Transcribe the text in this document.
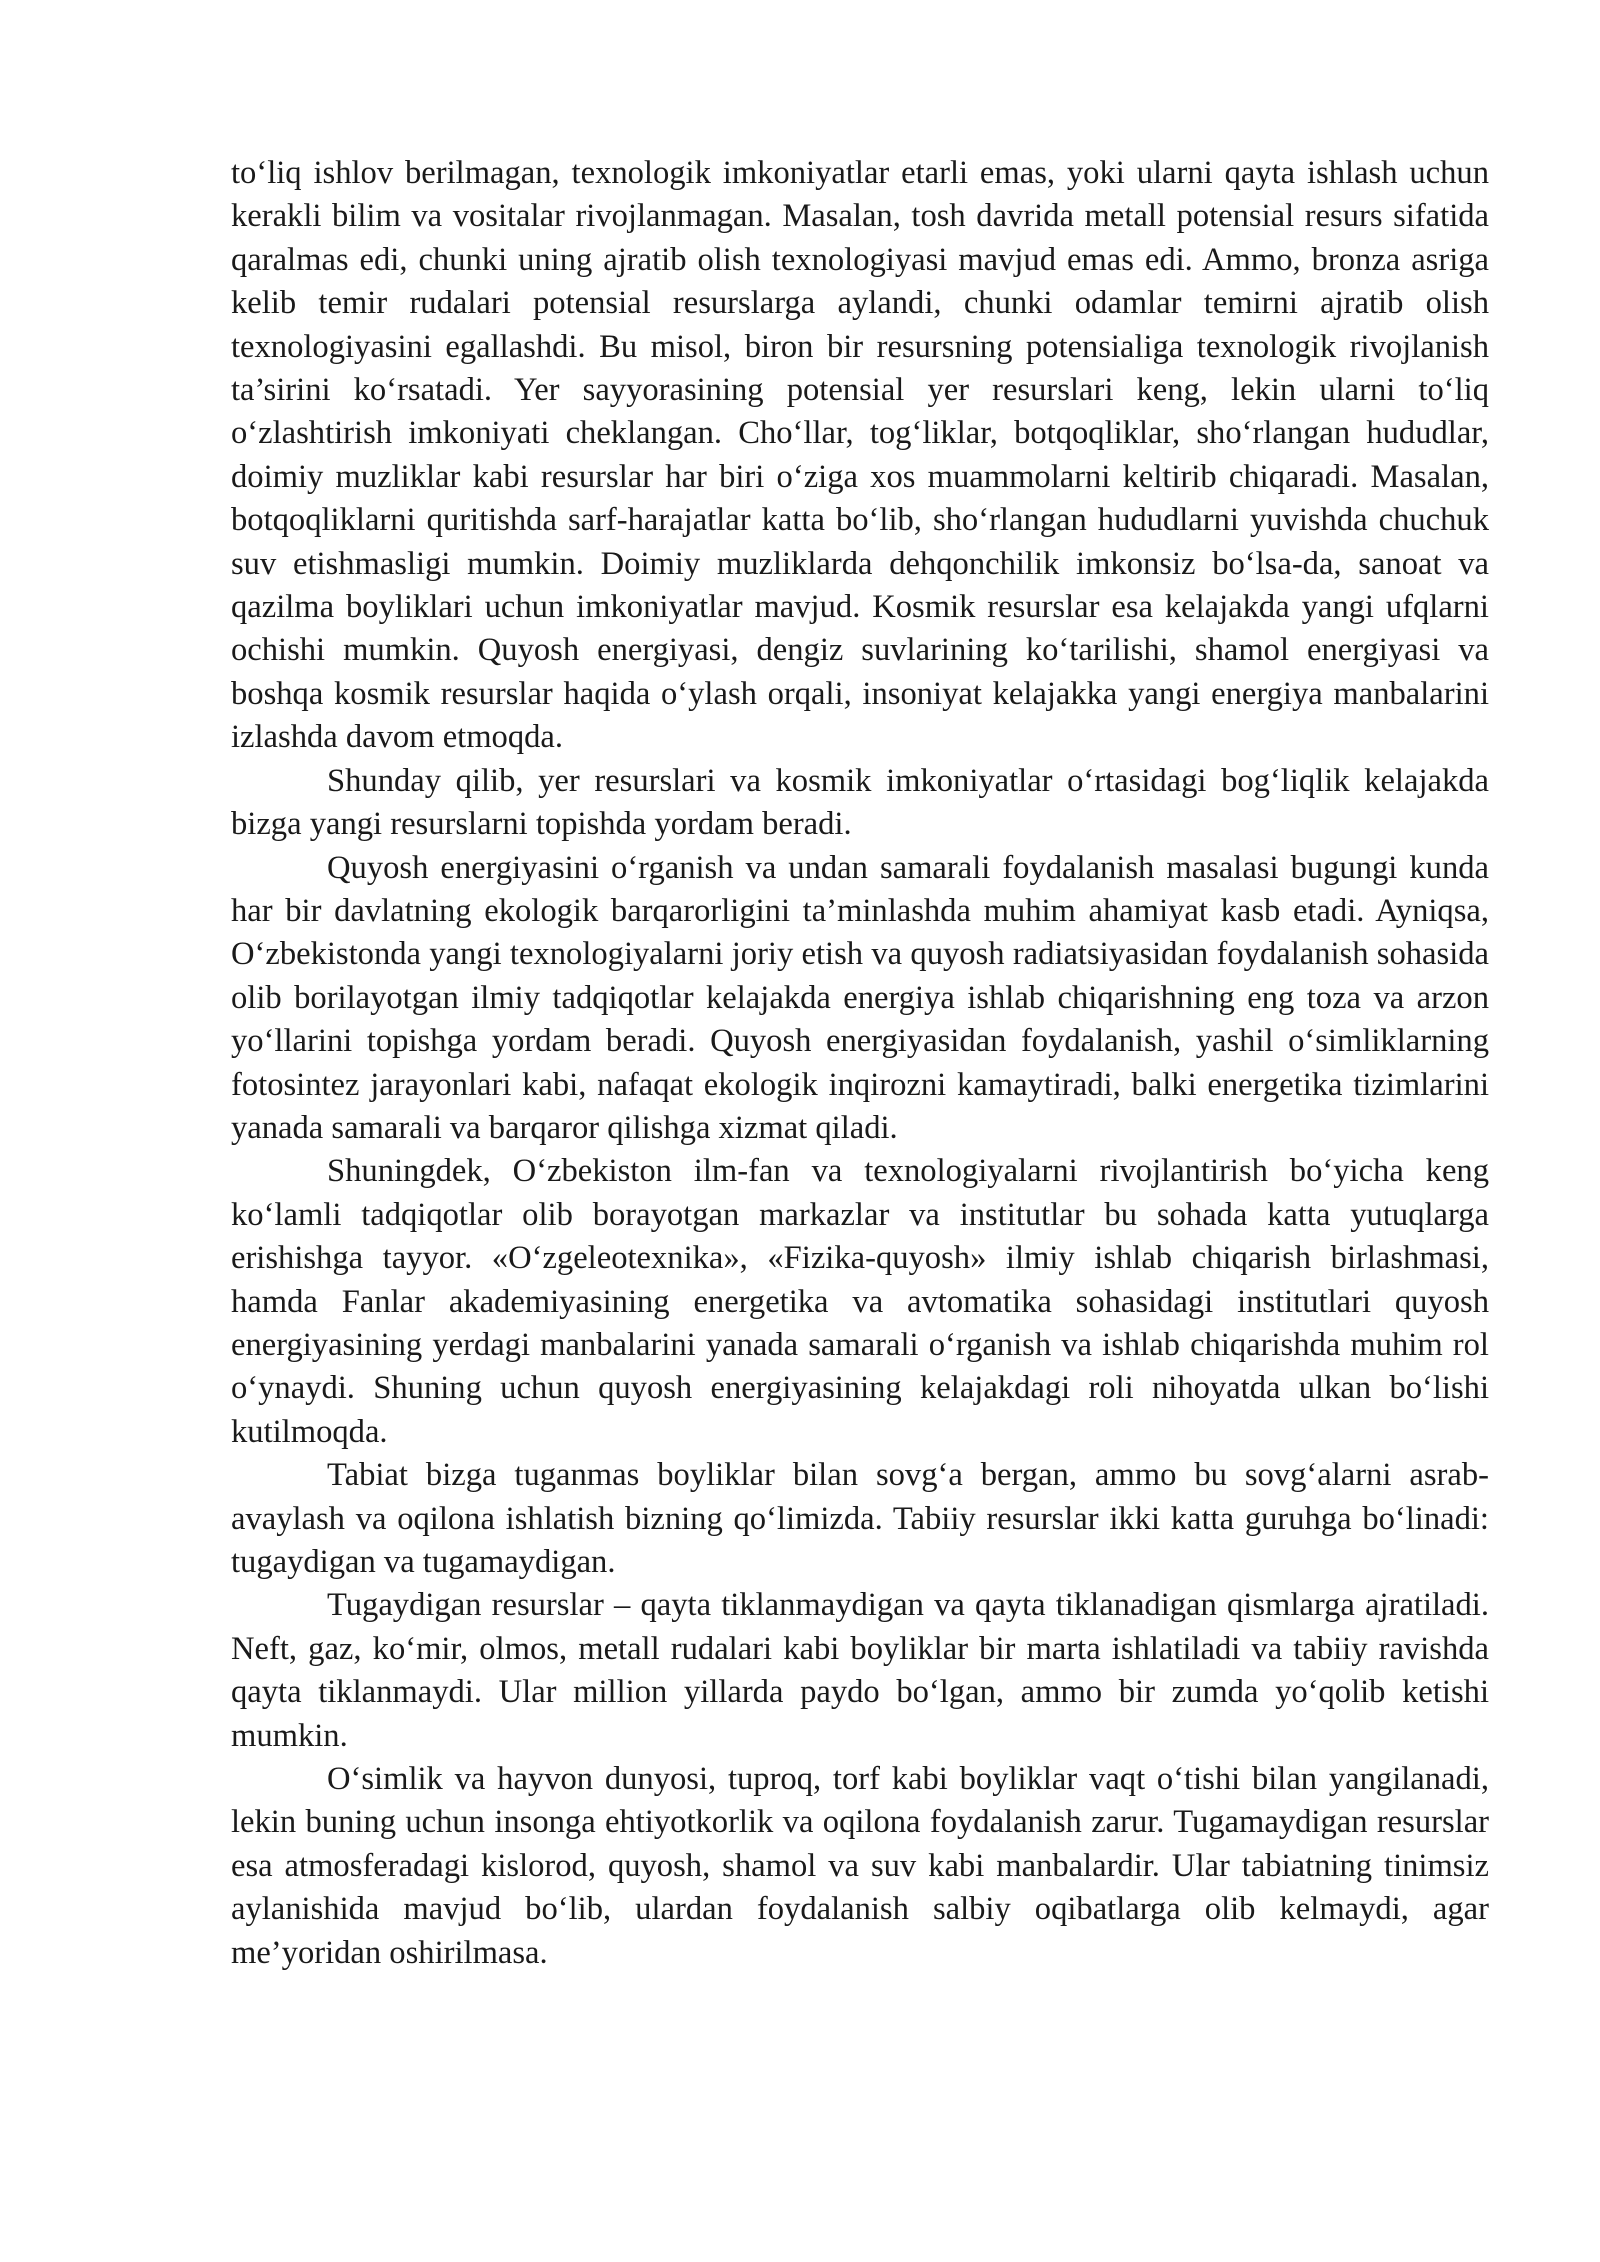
to‘liq ishlov berilmagan, texnologik imkoniyatlar etarli emas, yoki ularni qayta ishlash uchun kerakli bilim va vositalar rivojlanmagan. Masalan, tosh davrida metall potensial resurs sifatida qaralmas edi, chunki uning ajratib olish texnologiyasi mavjud emas edi. Ammo, bronza asriga kelib temir rudalari potensial resurslarga aylandi, chunki odamlar temirni ajratib olish texnologiyasini egallashdi. Bu misol, biron bir resursning potensialiga texnologik rivojlanish ta’sirini ko‘rsatadi. Yer sayyorasining potensial yer resurslari keng, lekin ularni to‘liq o‘zlashtirish imkoniyati cheklangan. Cho‘llar, tog‘liklar, botqoqliklar, sho‘rlangan hududlar, doimiy muzliklar kabi resurslar har biri o‘ziga xos muammolarni keltirib chiqaradi. Masalan, botqoqliklarni quritishda sarf-harajatlar katta bo‘lib, sho‘rlangan hududlarni yuvishda chuchuk suv etishmasligi mumkin. Doimiy muzliklarda dehqonchilik imkonsiz bo‘lsa-da, sanoat va qazilma boyliklari uchun imkoniyatlar mavjud. Kosmik resurslar esa kelajakda yangi ufqlarni ochishi mumkin. Quyosh energiyasi, dengiz suvlarining ko‘tarilishi, shamol energiyasi va boshqa kosmik resurslar haqida o‘ylash orqali, insoniyat kelajakka yangi energiya manbalarini izlashda davom etmoqda.

Shunday qilib, yer resurslari va kosmik imkoniyatlar o‘rtasidagi bog‘liqlik kelajakda bizga yangi resurslarni topishda yordam beradi.

Quyosh energiyasini o‘rganish va undan samarali foydalanish masalasi bugungi kunda har bir davlatning ekologik barqarorligini ta’minlashda muhim ahamiyat kasb etadi. Ayniqsa, O‘zbekistonda yangi texnologiyalarni joriy etish va quyosh radiatsiyasidan foydalanish sohasida olib borilayotgan ilmiy tadqiqotlar kelajakda energiya ishlab chiqarishning eng toza va arzon yo‘llarini topishga yordam beradi. Quyosh energiyasidan foydalanish, yashil o‘simliklarning fotosintez jarayonlari kabi, nafaqat ekologik inqirozni kamaytiradi, balki energetika tizimlarini yanada samarali va barqaror qilishga xizmat qiladi.

Shuningdek, O‘zbekiston ilm-fan va texnologiyalarni rivojlantirish bo‘yicha keng ko‘lamli tadqiqotlar olib borayotgan markazlar va institutlar bu sohada katta yutuqlarga erishishga tayyor. «O‘zgeleotexnika», «Fizika-quyosh» ilmiy ishlab chiqarish birlashmasi, hamda Fanlar akademiyasining energetika va avtomatika sohasidagi institutlari quyosh energiyasining yerdagi manbalarini yanada samarali o‘rganish va ishlab chiqarishda muhim rol o‘ynaydi. Shuning uchun quyosh energiyasining kelajakdagi roli nihoyatda ulkan bo‘lishi kutilmoqda.

Tabiat bizga tuganmas boyliklar bilan sovg‘a bergan, ammo bu sovg‘alarni asrab-avaylash va oqilona ishlatish bizning qo‘limizda. Tabiiy resurslar ikki katta guruhga bo‘linadi: tugaydigan va tugamaydigan.

Tugaydigan resurslar – qayta tiklanmaydigan va qayta tiklanadigan qismlarga ajratiladi. Neft, gaz, ko‘mir, olmos, metall rudalari kabi boyliklar bir marta ishlatiladi va tabiiy ravishda qayta tiklanmaydi. Ular million yillarda paydo bo‘lgan, ammo bir zumda yo‘qolib ketishi mumkin.

O‘simlik va hayvon dunyosi, tuproq, torf kabi boyliklar vaqt o‘tishi bilan yangilanadi, lekin buning uchun insonga ehtiyotkorlik va oqilona foydalanish zarur. Tugamaydigan resurslar esa atmosferadagi kislorod, quyosh, shamol va suv kabi manbalardir. Ular tabiatning tinimsiz aylanishida mavjud bo‘lib, ulardan foydalanish salbiy oqibatlarga olib kelmaydi, agar me’yoridan oshirilmasa.
